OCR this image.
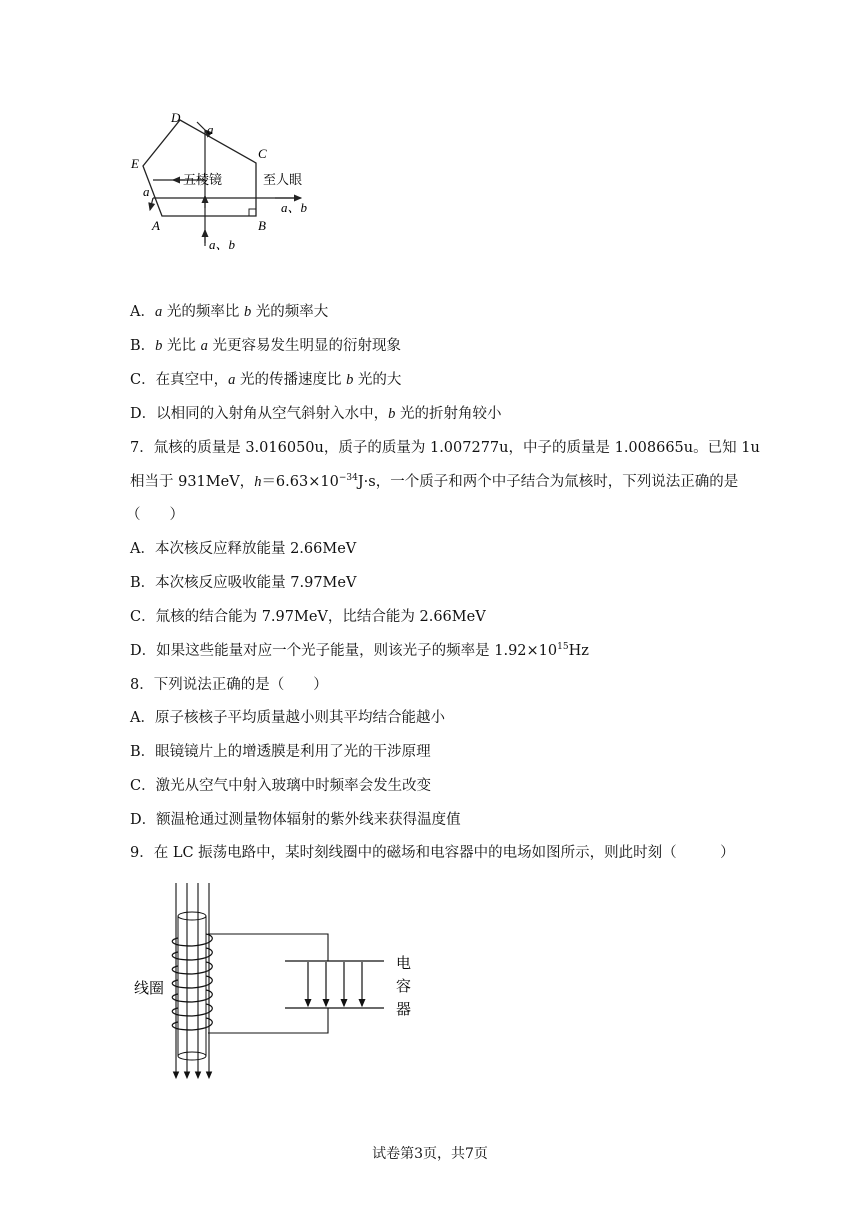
D
E
A	B
C
a
a
五棱镜	至人眼
a、b
a、b
A．a 光的频率比 b 光的频率大
B．b 光比 a 光更容易发生明显的衍射现象
C．在真空中，a 光的传播速度比 b 光的大
D．以相同的入射角从空气斜射入水中，b 光的折射角较小
7．氚核的质量是 3.016050u，质子的质量为 1.007277u，中子的质量是 1.008665u。已知 1u
相当于 931MeV，$h=6.63\times 10^{-34}J\cdot s$，一个质子和两个中子结合为氚核时，下列说法正确的是
（　　）
A．本次核反应释放能量 2.66MeV
B．本次核反应吸收能量 7.97MeV
C．氚核的结合能为 7.97MeV，比结合能为 2.66MeV
D．如果这些能量对应一个光子能量，则该光子的频率是 $1.92\times 10^{15}Hz$
8．下列说法正确的是（　　）
A．原子核核子平均质量越小则其平均结合能越小
B．眼镜镜片上的增透膜是利用了光的干涉原理
C．激光从空气中射入玻璃中时频率会发生改变
D．额温枪通过测量物体辐射的紫外线来获得温度值
9．在 LC 振荡电路中，某时刻线圈中的磁场和电容器中的电场如图所示，则此时刻（　　　）
线圈
电
容
器
试卷第3页，共7页
